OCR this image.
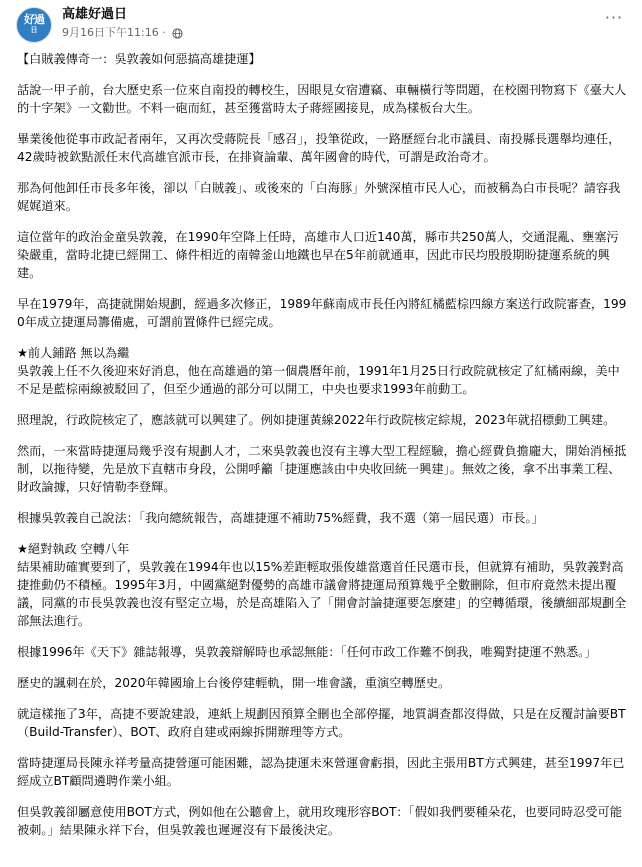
好過
日
高雄好過日
9月16日下午11:16 ·
···

【白賊義傳奇一：吳敦義如何惡搞高雄捷運】

話說一甲子前，台大歷史系一位來自南投的轉校生，因眼見女宿遭竊、車輛橫行等問題，在校園刊物寫下《臺大人的十字架》一文勸世。不料一砲而紅，甚至獲當時太子蔣經國接見，成為樣板台大生。

畢業後他從事市政記者兩年，又再次受蔣院長「感召」，投筆從政，一路歷經台北市議員、南投縣長選舉均連任，42歲時被欽點派任末代高雄官派市長，在排資論輩、萬年國會的時代，可謂是政治奇才。

那為何他卸任市長多年後，卻以「白賊義」、或後來的「白海豚」外號深植市民人心，而被稱為白市長呢？請容我娓娓道來。

這位當年的政治金童吳敦義，在1990年空降上任時，高雄市人口近140萬，縣市共250萬人，交通混亂、壅塞污染嚴重，當時北捷已經開工、條件相近的南韓釜山地鐵也早在5年前就通車，因此市民均殷殷期盼捷運系統的興建。

早在1979年，高捷就開始規劃，經過多次修正，1989年蘇南成市長任內將紅橘藍棕四線方案送行政院審查，1990年成立捷運局籌備處，可謂前置條件已經完成。

★前人鋪路 無以為繼
吳敦義上任不久後迎來好消息，他在高雄過的第一個農曆年前，1991年1月25日行政院就核定了紅橘兩線，美中不足是藍棕兩線被駁回了，但至少通過的部分可以開工，中央也要求1993年前動工。

照理說，行政院核定了，應該就可以興建了。例如捷運黃線2022年行政院核定綜規，2023年就招標動工興建。

然而，一來當時捷運局幾乎沒有規劃人才，二來吳敦義也沒有主導大型工程經驗，擔心經費負擔龐大，開始消極抵制，以拖待變，先是放下直轄市身段，公開呼籲「捷運應該由中央收回統一興建」。無效之後，拿不出事業工程、財政論據，只好情勒李登輝。

根據吳敦義自己說法：「我向總統報告，高雄捷運不補助75%經費，我不選（第一屆民選）市長。」

★絕對執政 空轉八年
結果補助確實要到了，吳敦義在1994年也以15%差距輕取張俊雄當選首任民選市長，但就算有補助，吳敦義對高捷推動仍不積極。1995年3月，中國黨絕對優勢的高雄市議會將捷運局預算幾乎全數刪除，但市府竟然未提出覆議，同黨的市長吳敦義也沒有堅定立場，於是高雄陷入了「開會討論捷運要怎麼建」的空轉循環，後續細部規劃全部無法進行。

根據1996年《天下》雜誌報導，吳敦義辯解時也承認無能：「任何市政工作難不倒我，唯獨對捷運不熟悉。」

歷史的諷刺在於，2020年韓國瑜上台後停建輕軌，開一堆會議，重演空轉歷史。

就這樣拖了3年，高捷不要說建設，連紙上規劃因預算全刪也全部停擺，地質調查都沒得做，只是在反覆討論要BT（Build-Transfer）、BOT、政府自建或兩線拆開辦理等方式。

當時捷運局長陳永祥考量高捷營運可能困難，認為捷運未來營運會虧損，因此主張用BT方式興建，甚至1997年已經成立BT顧問遴聘作業小組。

但吳敦義卻屬意使用BOT方式，例如他在公聽會上，就用玫瑰形容BOT：「假如我們要種朵花，也要同時忍受可能被刺。」結果陳永祥下台，但吳敦義也遲遲沒有下最後決定。
